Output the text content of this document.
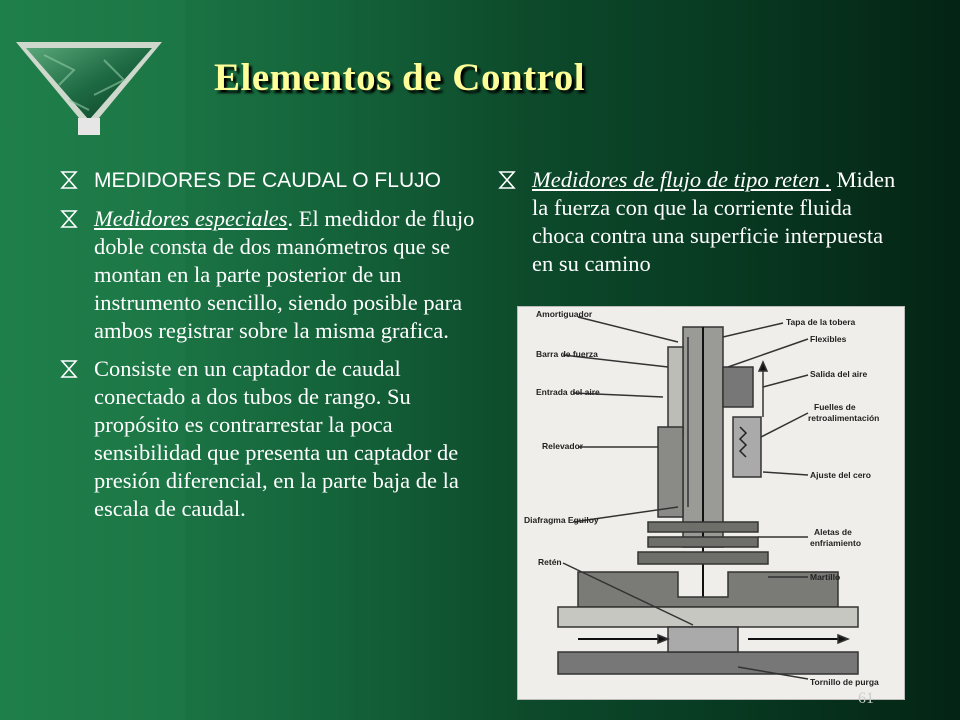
Elementos de Control
MEDIDORES DE CAUDAL O FLUJO
Medidores especiales. El medidor de flujo doble consta de dos manómetros que se montan en la parte posterior de un instrumento sencillo, siendo posible para ambos registrar sobre la misma grafica.
Consiste en un captador de caudal conectado a dos tubos de rango. Su propósito es contrarrestar la poca sensibilidad que presenta un captador de presión diferencial, en la parte baja de la escala de caudal.
Medidores de flujo de tipo reten . Miden la fuerza con que la corriente fluida choca contra una superficie interpuesta en su camino
Amortiguador
Barra de fuerza
Entrada del aire
Relevador
Diafragma Eguiloy
Retén
Tapa de la tobera
Flexibles
Salida del aire
Fuelles de
retroalimentación
Ajuste del cero
Aletas de
enfriamiento
Martillo
Tornillo de purga
61
